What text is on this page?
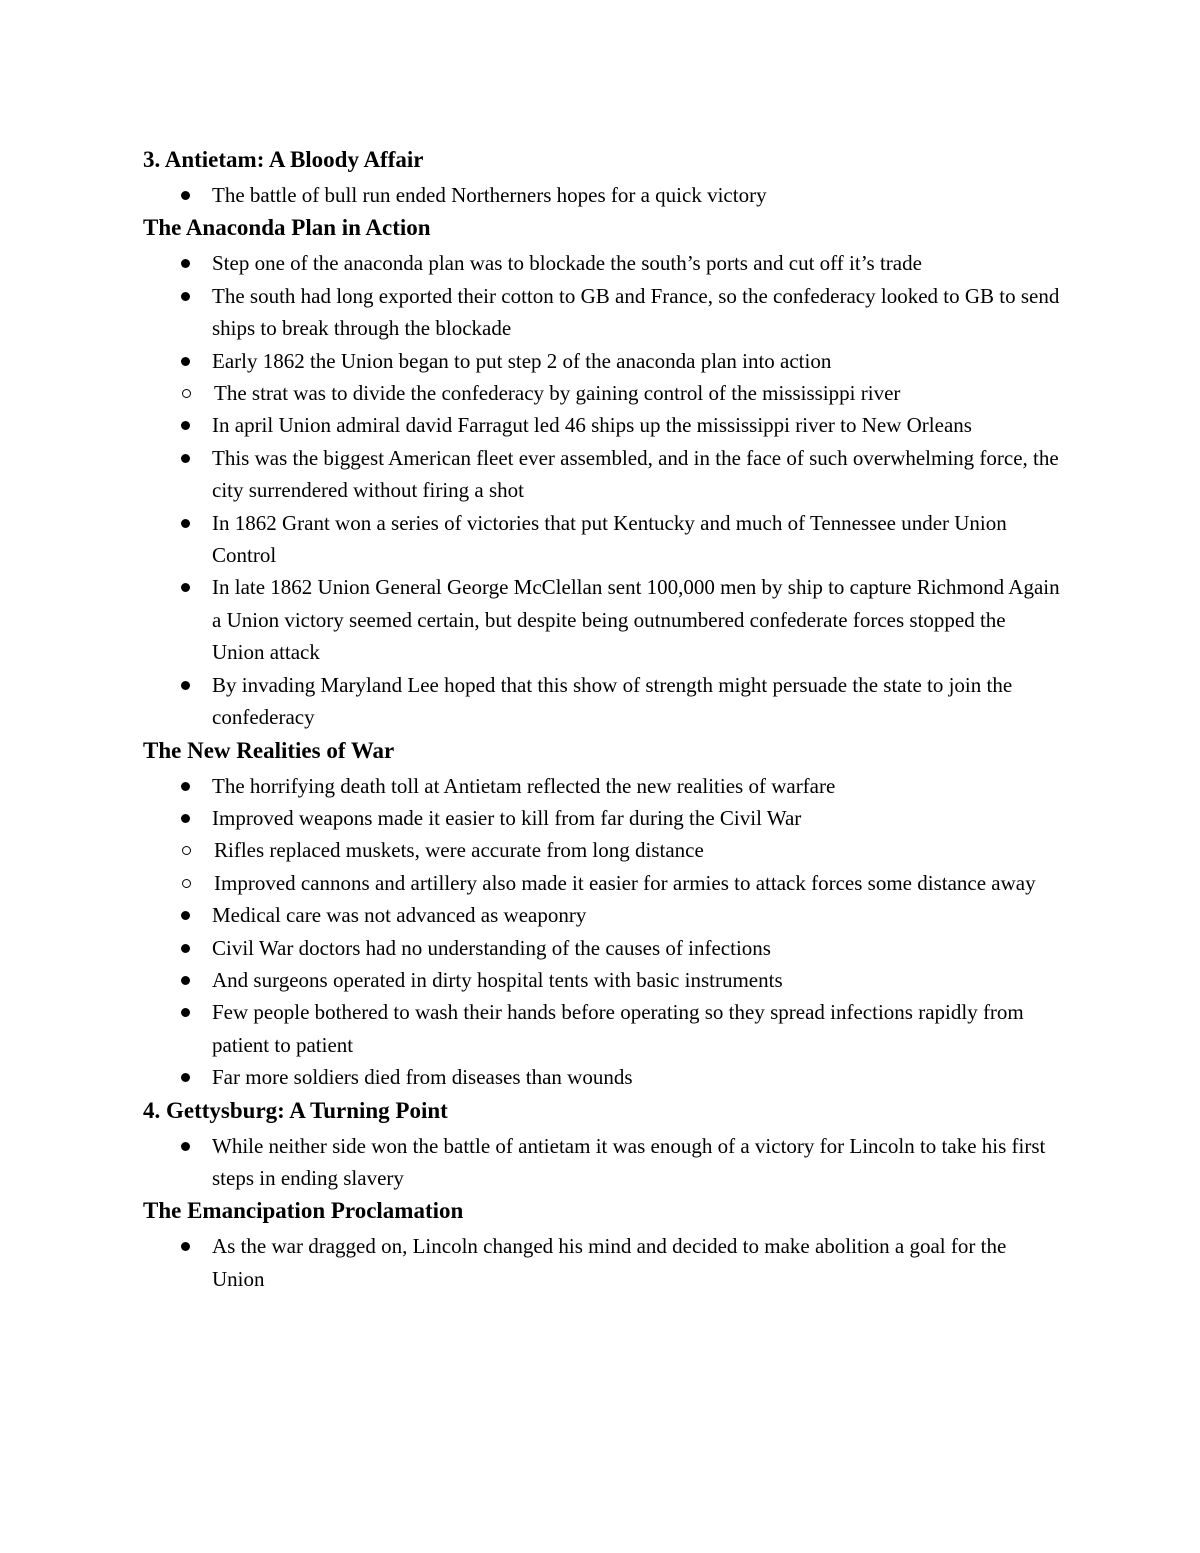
3. Antietam: A Bloody Affair
The battle of bull run ended Northerners hopes for a quick victory
The Anaconda Plan in Action
Step one of the anaconda plan was to blockade the south’s ports and cut off it’s trade
The south had long exported their cotton to GB and France, so the confederacy looked to GB to send ships to break through the blockade
Early 1862 the Union began to put step 2 of the anaconda plan into action
The strat was to divide the confederacy by gaining control of the mississippi river
In april Union admiral david Farragut led 46 ships up the mississippi river to New Orleans
This was the biggest American fleet ever assembled, and in the face of such overwhelming force, the city surrendered without firing a shot
In 1862 Grant won a series of victories that put Kentucky and much of Tennessee under Union Control
In late 1862 Union General George McClellan sent 100,000 men by ship to capture Richmond Again a Union victory seemed certain, but despite being outnumbered confederate forces stopped the Union attack
By invading Maryland Lee hoped that this show of strength might persuade the state to join the confederacy
The New Realities of War
The horrifying death toll at Antietam reflected the new realities of warfare
Improved weapons made it easier to kill from far during the Civil War
Rifles replaced muskets, were accurate from long distance
Improved cannons and artillery also made it easier for armies to attack forces some distance away
Medical care was not advanced as weaponry
Civil War doctors had no understanding of the causes of infections
And surgeons operated in dirty hospital tents with basic instruments
Few people bothered to wash their hands before operating so they spread infections rapidly from patient to patient
Far more soldiers died from diseases than wounds
4. Gettysburg: A Turning Point
While neither side won the battle of antietam it was enough of a victory for Lincoln to take his first steps in ending slavery
The Emancipation Proclamation
As the war dragged on, Lincoln changed his mind and decided to make abolition a goal for the Union
